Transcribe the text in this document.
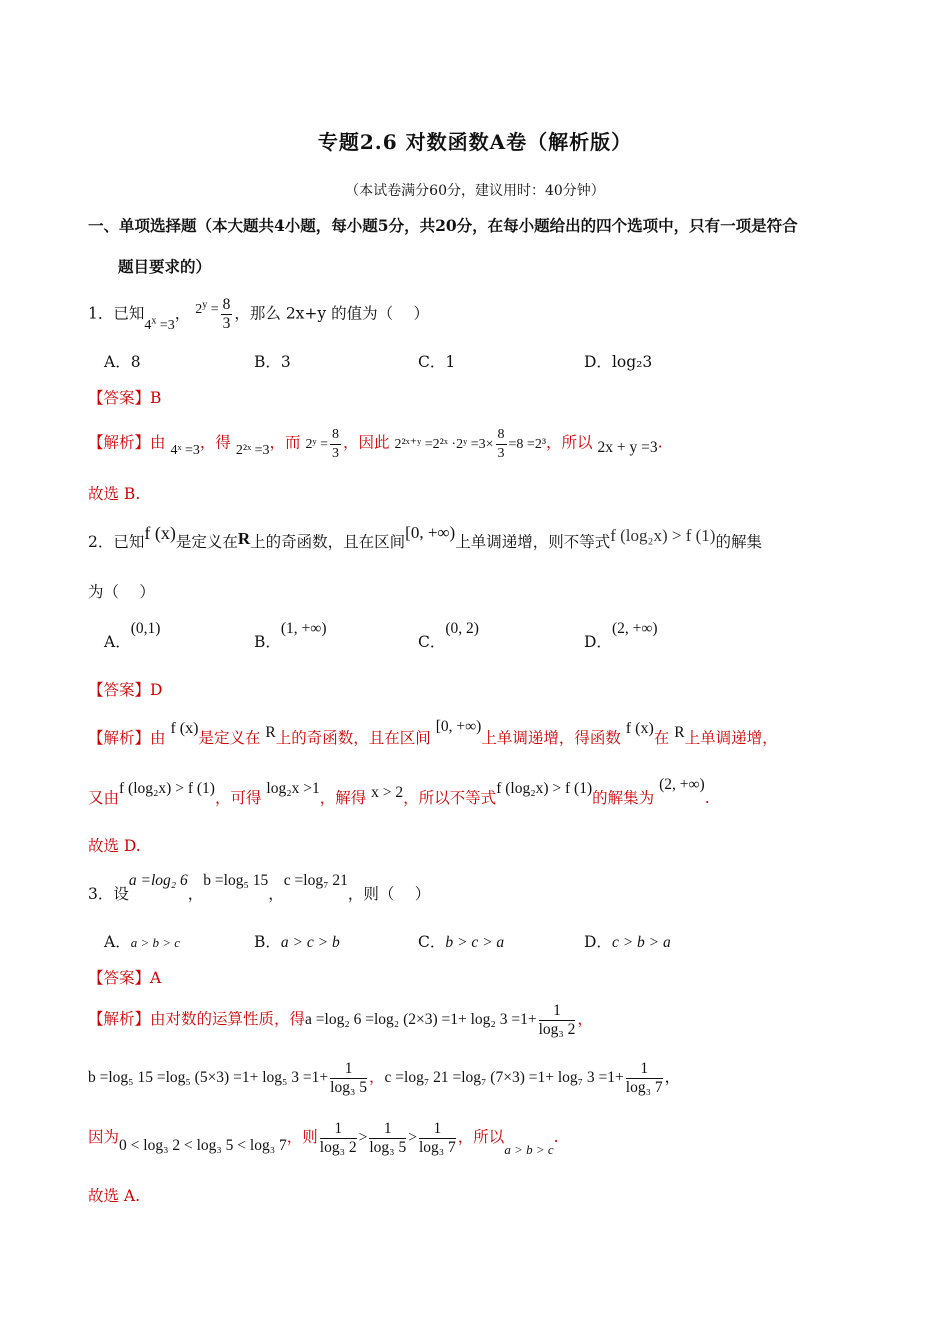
专题2.6 对数函数A卷（解析版）
（本试卷满分60分，建议用时：40分钟）
一、单项选择题（本大题共4小题，每小题5分，共20分，在每小题给出的四个选项中，只有一项是符合
题目要求的）
1．已知$4^x =3$， $2^y = \frac{8}{3}$ ，那么 2x+y 的值为（　 ）
A．8	B．3	C．1	D．log₂3
【答案】B
【解析】由 4ˣ =3，得 2²ˣ =3，而 2ʸ = $\frac{8}{3}$ ，因此 2²ˣ⁺ʸ =2²ˣ ·2ʸ $=3\times \frac{8}{3} =8 =2^3$，所以 2x + y =3.
故选 B.
2．已知f (x)是定义在R上的奇函数，且在区间[0, +∞)上单调递增，则不等式f (log₂x) > f (1)的解集
为（　 ）
A．(0,1)
B．(1, +∞)
C．(0, 2)
D．(2, +∞)
【答案】D
【解析】由 f (x)是定义在 R上的奇函数，且在区间 [0, +∞)上单调递增，得函数 f (x)在 R上单调递增，
又由f (log₂x) > f (1)，可得 log₂x >1，解得 x > 2，所以不等式f (log₂x) > f (1)的解集为 (2, +∞).
故选 D.
3．设a =log₂ 6，b =log₅ 15，c =log₇ 21，则（　 ）
A．a > b > c	B．a > c > b	C．b > c > a	D．c > b > a
【答案】A
【解析】由对数的运算性质，得a =log₂ 6 =log₂ (2×3) =1+ log₂ $3 =1+ \frac{1}{\text{log₃ 2}}$ ，
b =log₅ 15 =log₅ (5×3) =1+ log₅ $3 =1+ \frac{1}{\text{log₃ 5}}$ ，c =log₇ 21 =log₇ (7×3) =1+ log₇ $3 =1+ \frac{1}{\text{log₃ 7}}$ ，
因为0 < log₃ 2 < log₃ 5 < log₃ 7，则 $\frac{1}{\text{log₃ 2}} > \frac{1}{\text{log₃ 5}} > \frac{1}{\text{log₃ 7}}$ ，所以$_{a > b > c}$.
故选 A.
